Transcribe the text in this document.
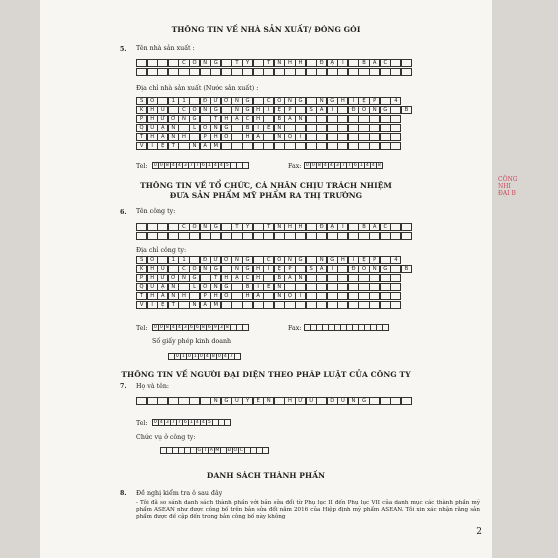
THÔNG TIN VỀ NHÀ SẢN XUẤT/ ĐÓNG GÓI
5. Tên nhà sản xuất :
C	Ô	N	G	T	Y	T	N	H	H	Đ	Ạ	I	B	Á	C
Địa chỉ nhà sản xuất (Nước sản xuất) :
S	Ố	1	1	Đ	Ư	Ờ	N	G	C	Ô	N	G	N	G	H	I	Ệ	P	4
K	H	U	C	Ô	N	G	N	G	H	I	Ệ	P	S	À	I	Đ	Ồ	N	G	B
P	H	Ư	Ờ	N	G	T	H	Ạ	C	H	B	À	N
Q	U	Ậ	N	L	O	N	G	B	I	Ê	N
T	H	À	N	H	P	H	Ố	H	À	N	Ộ	I
V	I	Ệ	T	N	A	M
Tel:	0 0 8 4 4 3 7 7 6 1 4 4 5	Fax: 0 0 8 4 4 3 7 7 6 1 4 4 8
THÔNG TIN VỀ TỔ CHỨC, CÁ NHÂN CHỊU TRÁCH NHIỆM
ĐƯA SẢN PHẨM MỸ PHẨM RA THỊ TRƯỜNG
6. Tên công ty:
C	Ô	N	G	T	Y	T	N	H	H	Đ	Ạ	I	B	Á	C
Địa chỉ công ty:
S	Ố	1	1	Đ	Ư	Ờ	N	G	C	Ô	N	G	N	G	H	I	Ệ	P	4
K	H	U	C	Ô	N	G	N	G	H	I	Ệ	P	S	À	I	Đ	Ồ	N	G	B
P	H	Ư	Ờ	N	G	T	H	Ạ	C	H	B	À	N
Q	U	Ậ	N	L	O	N	G	B	I	Ê	N
T	H	À	N	H	P	H	Ố	H	À	N	Ộ	I
V	I	Ệ	T	N	A	M
Tel:	0 0 8 4 4 3 6 6 8 6 9 3 8	Fax:
Số giấy phép kinh doanh
0 1 0 1 0 4 8 0 4 7
THÔNG TIN VỀ NGƯỜI ĐẠI DIỆN THEO PHÁP LUẬT CỦA CÔNG TY
7. Họ và tên:
N	G	U	Y	Ễ	N	H	Ữ	U	D	Ũ	N	G
Tel:	0 4 3 7 7 6 1 4 4 5
Chức vụ ở công ty:
G I Á M	Đ Ố C
DANH SÁCH THÀNH PHẦN
8. Đề nghị kiểm tra ô sau đây
- Tôi đã so sánh danh sách thành phần với bản sửa đổi từ Phụ lục II đến Phụ lục VII của danh mục các thành phần mỹ phẩm ASEAN như được công bố trên bản sửa đổi năm 2016 của Hiệp định mỹ phẩm ASEAN. Tôi xin xác nhận rằng sản phẩm được đề cập đến trong bản công bố này không
2
CÔNG
NHI
ĐẠI B
